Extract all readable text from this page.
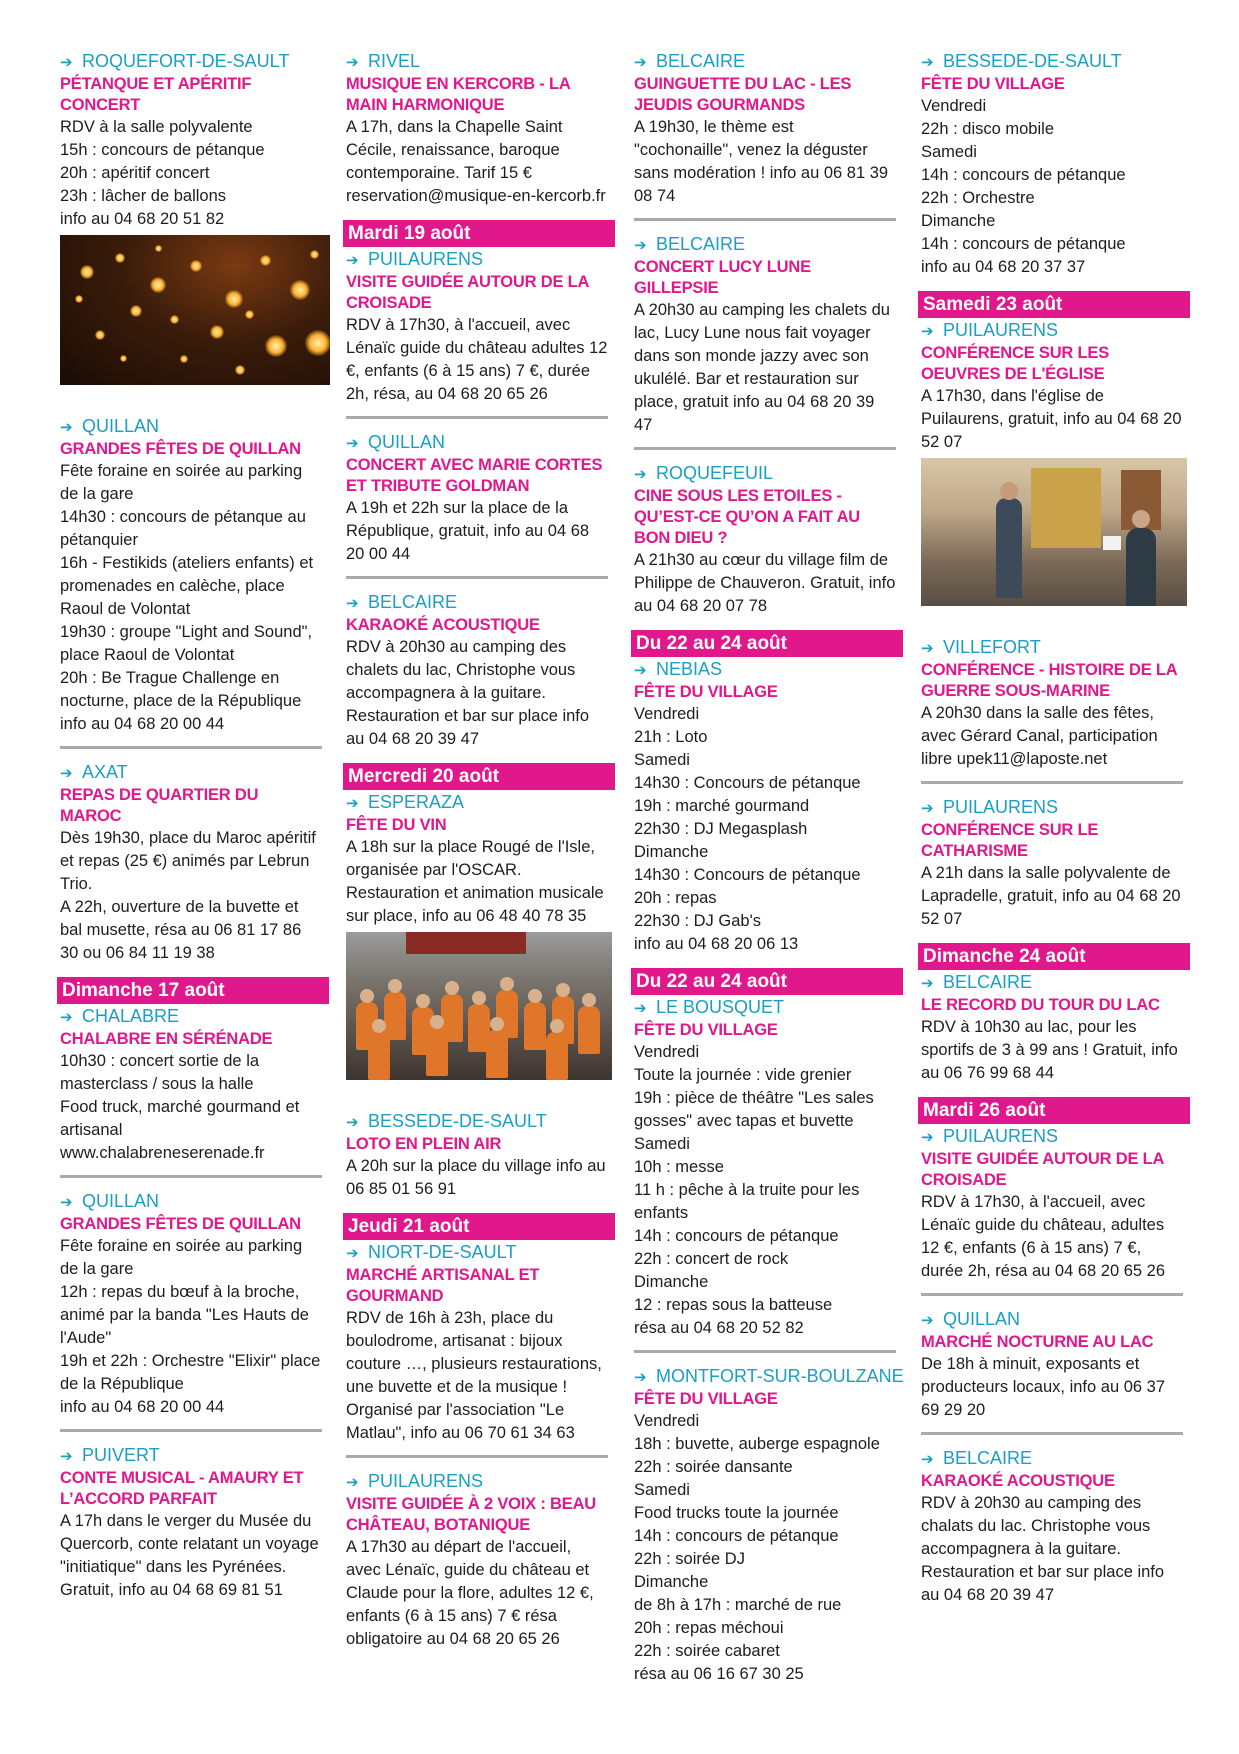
➔ ROQUEFORT-DE-SAULT
PÉTANQUE ET APÉRITIF CONCERT
RDV à la salle polyvalente
15h : concours de pétanque
20h : apéritif concert
23h : lâcher de ballons
info au 04 68 20 51 82
➔ QUILLAN
GRANDES FÊTES DE QUILLAN
Fête foraine en soirée au parking de la gare
14h30 : concours de pétanque au pétanquier
16h - Festikids (ateliers enfants) et promenades en calèche, place Raoul de Volontat
19h30 : groupe "Light and Sound", place Raoul de Volontat
20h : Be Trague Challenge en nocturne, place de la République
info au 04 68 20 00 44
➔ AXAT
REPAS DE QUARTIER DU MAROC
Dès 19h30, place du Maroc apéritif et repas (25 €) animés par Lebrun Trio.
A 22h, ouverture de la buvette et bal musette, résa au 06 81 17 86 30 ou 06 84 11 19 38
Dimanche 17 août
➔ CHALABRE
CHALABRE EN SÉRÉNADE
10h30 : concert sortie de la masterclass / sous la halle
Food truck, marché gourmand et artisanal
www.chalabreneserenade.fr
➔ QUILLAN
GRANDES FÊTES DE QUILLAN
Fête foraine en soirée au parking de la gare
12h : repas du bœuf à la broche, animé par la banda "Les Hauts de l'Aude"
19h et 22h : Orchestre "Elixir" place de la République
info au 04 68 20 00 44
➔ PUIVERT
CONTE MUSICAL - AMAURY ET L’ACCORD PARFAIT
A 17h dans le verger du Musée du Quercorb, conte relatant un voyage "initiatique" dans les Pyrénées.
Gratuit, info au 04 68 69 81 51
➔ RIVEL
MUSIQUE EN KERCORB - LA MAIN HARMONIQUE
A 17h, dans la Chapelle Saint Cécile, renaissance, baroque contemporaine. Tarif 15 € reservation@musique-en-kercorb.fr
Mardi 19 août
➔ PUILAURENS
VISITE GUIDÉE AUTOUR DE LA CROISADE
RDV à 17h30, à l'accueil, avec Lénaïc guide du château adultes 12 €, enfants (6 à 15 ans) 7 €, durée 2h, résa, au 04 68 20 65 26
➔ QUILLAN
CONCERT AVEC MARIE CORTES ET TRIBUTE GOLDMAN
A 19h et 22h sur la place de la République, gratuit, info au 04 68 20 00 44
➔ BELCAIRE
KARAOKÉ ACOUSTIQUE
RDV à 20h30 au camping des chalets du lac, Christophe vous accompagnera à la guitare. Restauration et bar sur place info au 04 68 20 39 47
Mercredi 20 août
➔ ESPERAZA
FÊTE DU VIN
A 18h sur la place Rougé de l'Isle, organisée par l'OSCAR. Restauration et animation musicale sur place, info au 06 48 40 78 35
➔ BESSEDE-DE-SAULT
LOTO EN PLEIN AIR
A 20h sur la place du village info au 06 85 01 56 91
Jeudi 21 août
➔ NIORT-DE-SAULT
MARCHÉ ARTISANAL ET GOURMAND
RDV de 16h à 23h, place du boulodrome, artisanat : bijoux couture …, plusieurs restaurations, une buvette et de la musique ! Organisé par l'association "Le Matlau", info au 06 70 61 34 63
➔ PUILAURENS
VISITE GUIDÉE À 2 VOIX : BEAU CHÂTEAU, BOTANIQUE
A 17h30 au départ de l'accueil, avec Lénaïc, guide du château et Claude pour la flore, adultes 12 €, enfants (6 à 15 ans) 7 € résa obligatoire au 04 68 20 65 26
➔ BELCAIRE
GUINGUETTE DU LAC - LES JEUDIS GOURMANDS
A 19h30, le thème est "cochonaille", venez la déguster sans modération ! info au 06 81 39 08 74
➔ BELCAIRE
CONCERT LUCY LUNE GILLEPSIE
A 20h30 au camping les chalets du lac, Lucy Lune nous fait voyager dans son monde jazzy avec son ukulélé. Bar et restauration sur place, gratuit info au 04 68 20 39 47
➔ ROQUEFEUIL
CINE SOUS LES ETOILES - QU’EST-CE QU’ON A FAIT AU BON DIEU ?
A 21h30 au cœur du village film de Philippe de Chauveron. Gratuit, info au 04 68 20 07 78
Du 22 au 24 août
➔ NEBIAS
FÊTE DU VILLAGE
Vendredi
21h : Loto
Samedi
14h30 : Concours de pétanque
19h : marché gourmand
22h30 : DJ Megasplash
Dimanche
14h30 : Concours de pétanque
20h : repas
22h30 : DJ Gab's
info au 04 68 20 06 13
Du 22 au 24 août
➔ LE BOUSQUET
FÊTE DU VILLAGE
Vendredi
Toute la journée : vide grenier
19h : pièce de théâtre "Les sales gosses" avec tapas et buvette
Samedi
10h : messe
11 h : pêche à la truite pour les enfants
14h : concours de pétanque
22h : concert de rock
Dimanche
12 : repas sous la batteuse
résa au 04 68 20 52 82
➔ MONTFORT-SUR-BOULZANE
FÊTE DU VILLAGE
Vendredi
18h : buvette, auberge espagnole
22h : soirée dansante
Samedi
Food trucks toute la journée
14h : concours de pétanque
22h : soirée DJ
Dimanche
de 8h à 17h : marché de rue
20h : repas méchoui
22h : soirée cabaret
résa au 06 16 67 30 25
➔ BESSEDE-DE-SAULT
FÊTE DU VILLAGE
Vendredi
22h : disco mobile
Samedi
14h : concours de pétanque
22h : Orchestre
Dimanche
14h : concours de pétanque
info au 04 68 20 37 37
Samedi 23 août
➔ PUILAURENS
CONFÉRENCE SUR LES OEUVRES DE L'ÉGLISE
A 17h30, dans l'église de Puilaurens, gratuit, info au 04 68 20 52 07
➔ VILLEFORT
CONFÉRENCE - HISTOIRE DE LA GUERRE SOUS-MARINE
A 20h30 dans la salle des fêtes, avec Gérard Canal, participation libre upek11@laposte.net
➔ PUILAURENS
CONFÉRENCE SUR LE CATHARISME
A 21h dans la salle polyvalente de Lapradelle, gratuit, info au 04 68 20 52 07
Dimanche 24 août
➔ BELCAIRE
LE RECORD DU TOUR DU LAC
RDV à 10h30 au lac, pour les sportifs de 3 à 99 ans ! Gratuit, info au 06 76 99 68 44
Mardi 26 août
➔ PUILAURENS
VISITE GUIDÉE AUTOUR DE LA CROISADE
RDV à 17h30, à l'accueil, avec Lénaïc guide du château, adultes 12 €, enfants (6 à 15 ans) 7 €, durée 2h, résa au 04 68 20 65 26
➔ QUILLAN
MARCHÉ NOCTURNE AU LAC
De 18h à minuit, exposants et producteurs locaux, info au 06 37 69 29 20
➔ BELCAIRE
KARAOKÉ ACOUSTIQUE
RDV à 20h30 au camping des chalats du lac. Christophe vous accompagnera à la guitare. Restauration et bar sur place info au 04 68 20 39 47
